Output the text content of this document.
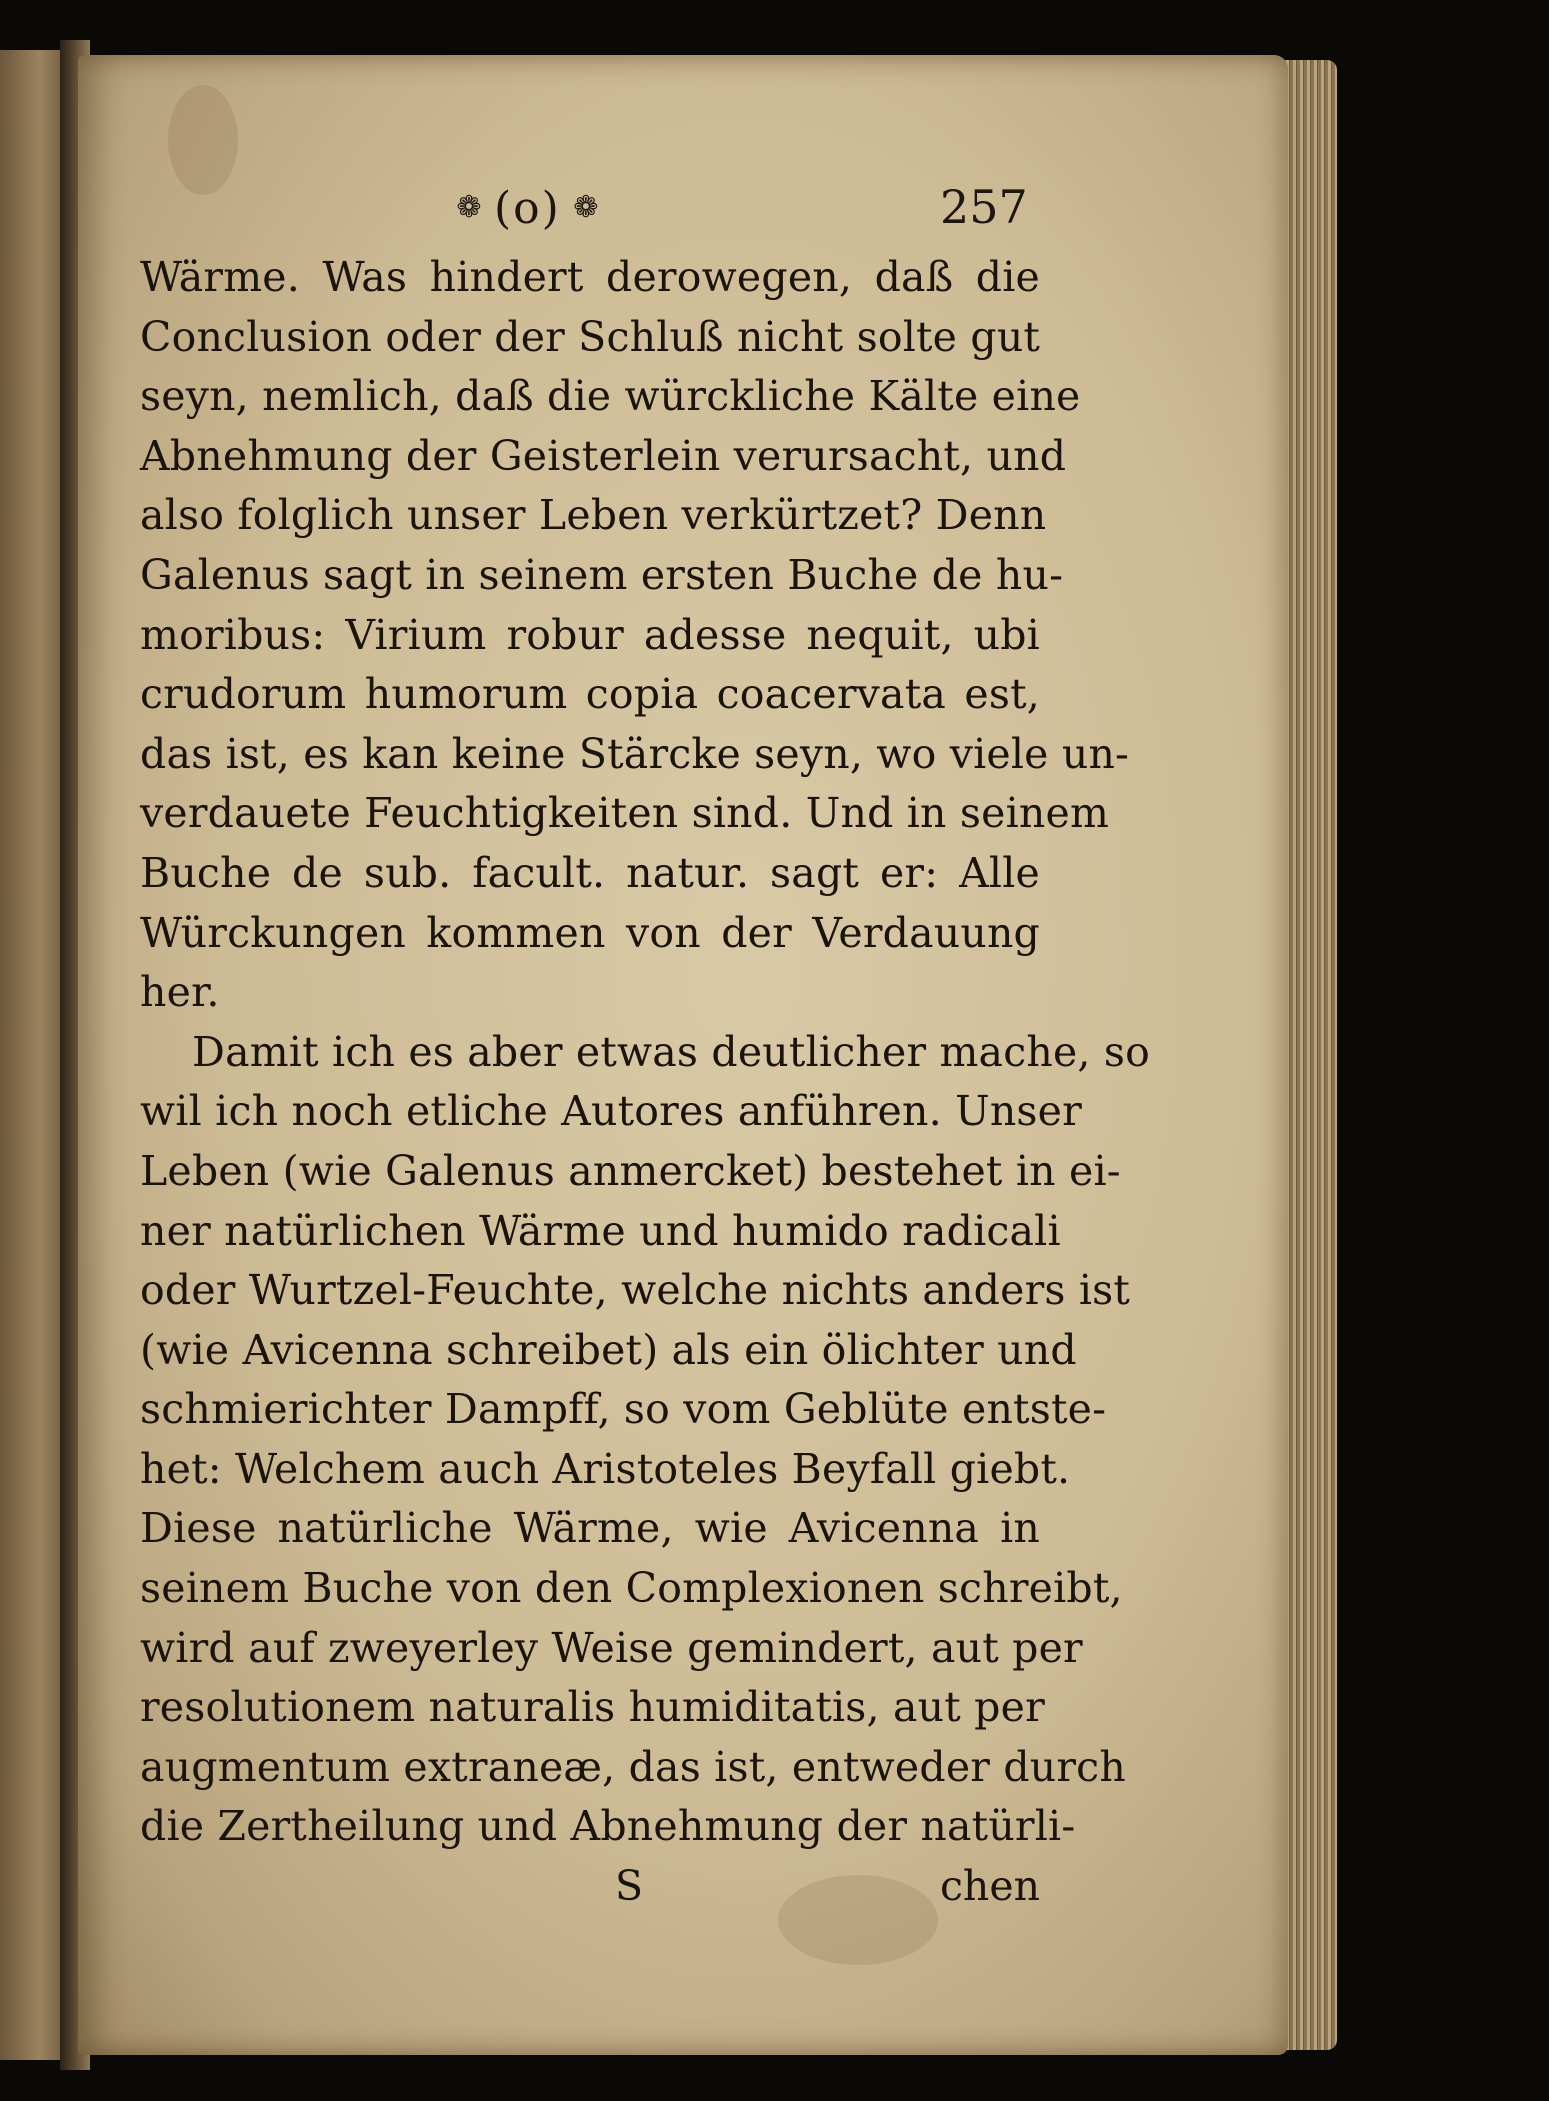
❁ (o) ❁	257
Wärme. Was hindert derowegen, daß die
Conclusion oder der Schluß nicht solte gut
seyn, nemlich, daß die würckliche Kälte eine
Abnehmung der Geisterlein verursacht, und
also folglich unser Leben verkürtzet? Denn
Galenus sagt in seinem ersten Buche de hu-
moribus: Virium robur adesse nequit, ubi
crudorum humorum copia coacervata est,
das ist, es kan keine Stärcke seyn, wo viele un-
verdauete Feuchtigkeiten sind. Und in seinem
Buche de sub. facult. natur. sagt er: Alle
Würckungen kommen von der Verdauung
her.
Damit ich es aber etwas deutlicher mache, so
wil ich noch etliche Autores anführen. Unser
Leben (wie Galenus anmercket) bestehet in ei-
ner natürlichen Wärme und humido radicali
oder Wurtzel-Feuchte, welche nichts anders ist
(wie Avicenna schreibet) als ein ölichter und
schmierichter Dampff, so vom Geblüte entste-
het: Welchem auch Aristoteles Beyfall giebt.
Diese natürliche Wärme, wie Avicenna in
seinem Buche von den Complexionen schreibt,
wird auf zweyerley Weise gemindert, aut per
resolutionem naturalis humiditatis, aut per
augmentum extraneæ, das ist, entweder durch
die Zertheilung und Abnehmung der natürli-
S	chen
